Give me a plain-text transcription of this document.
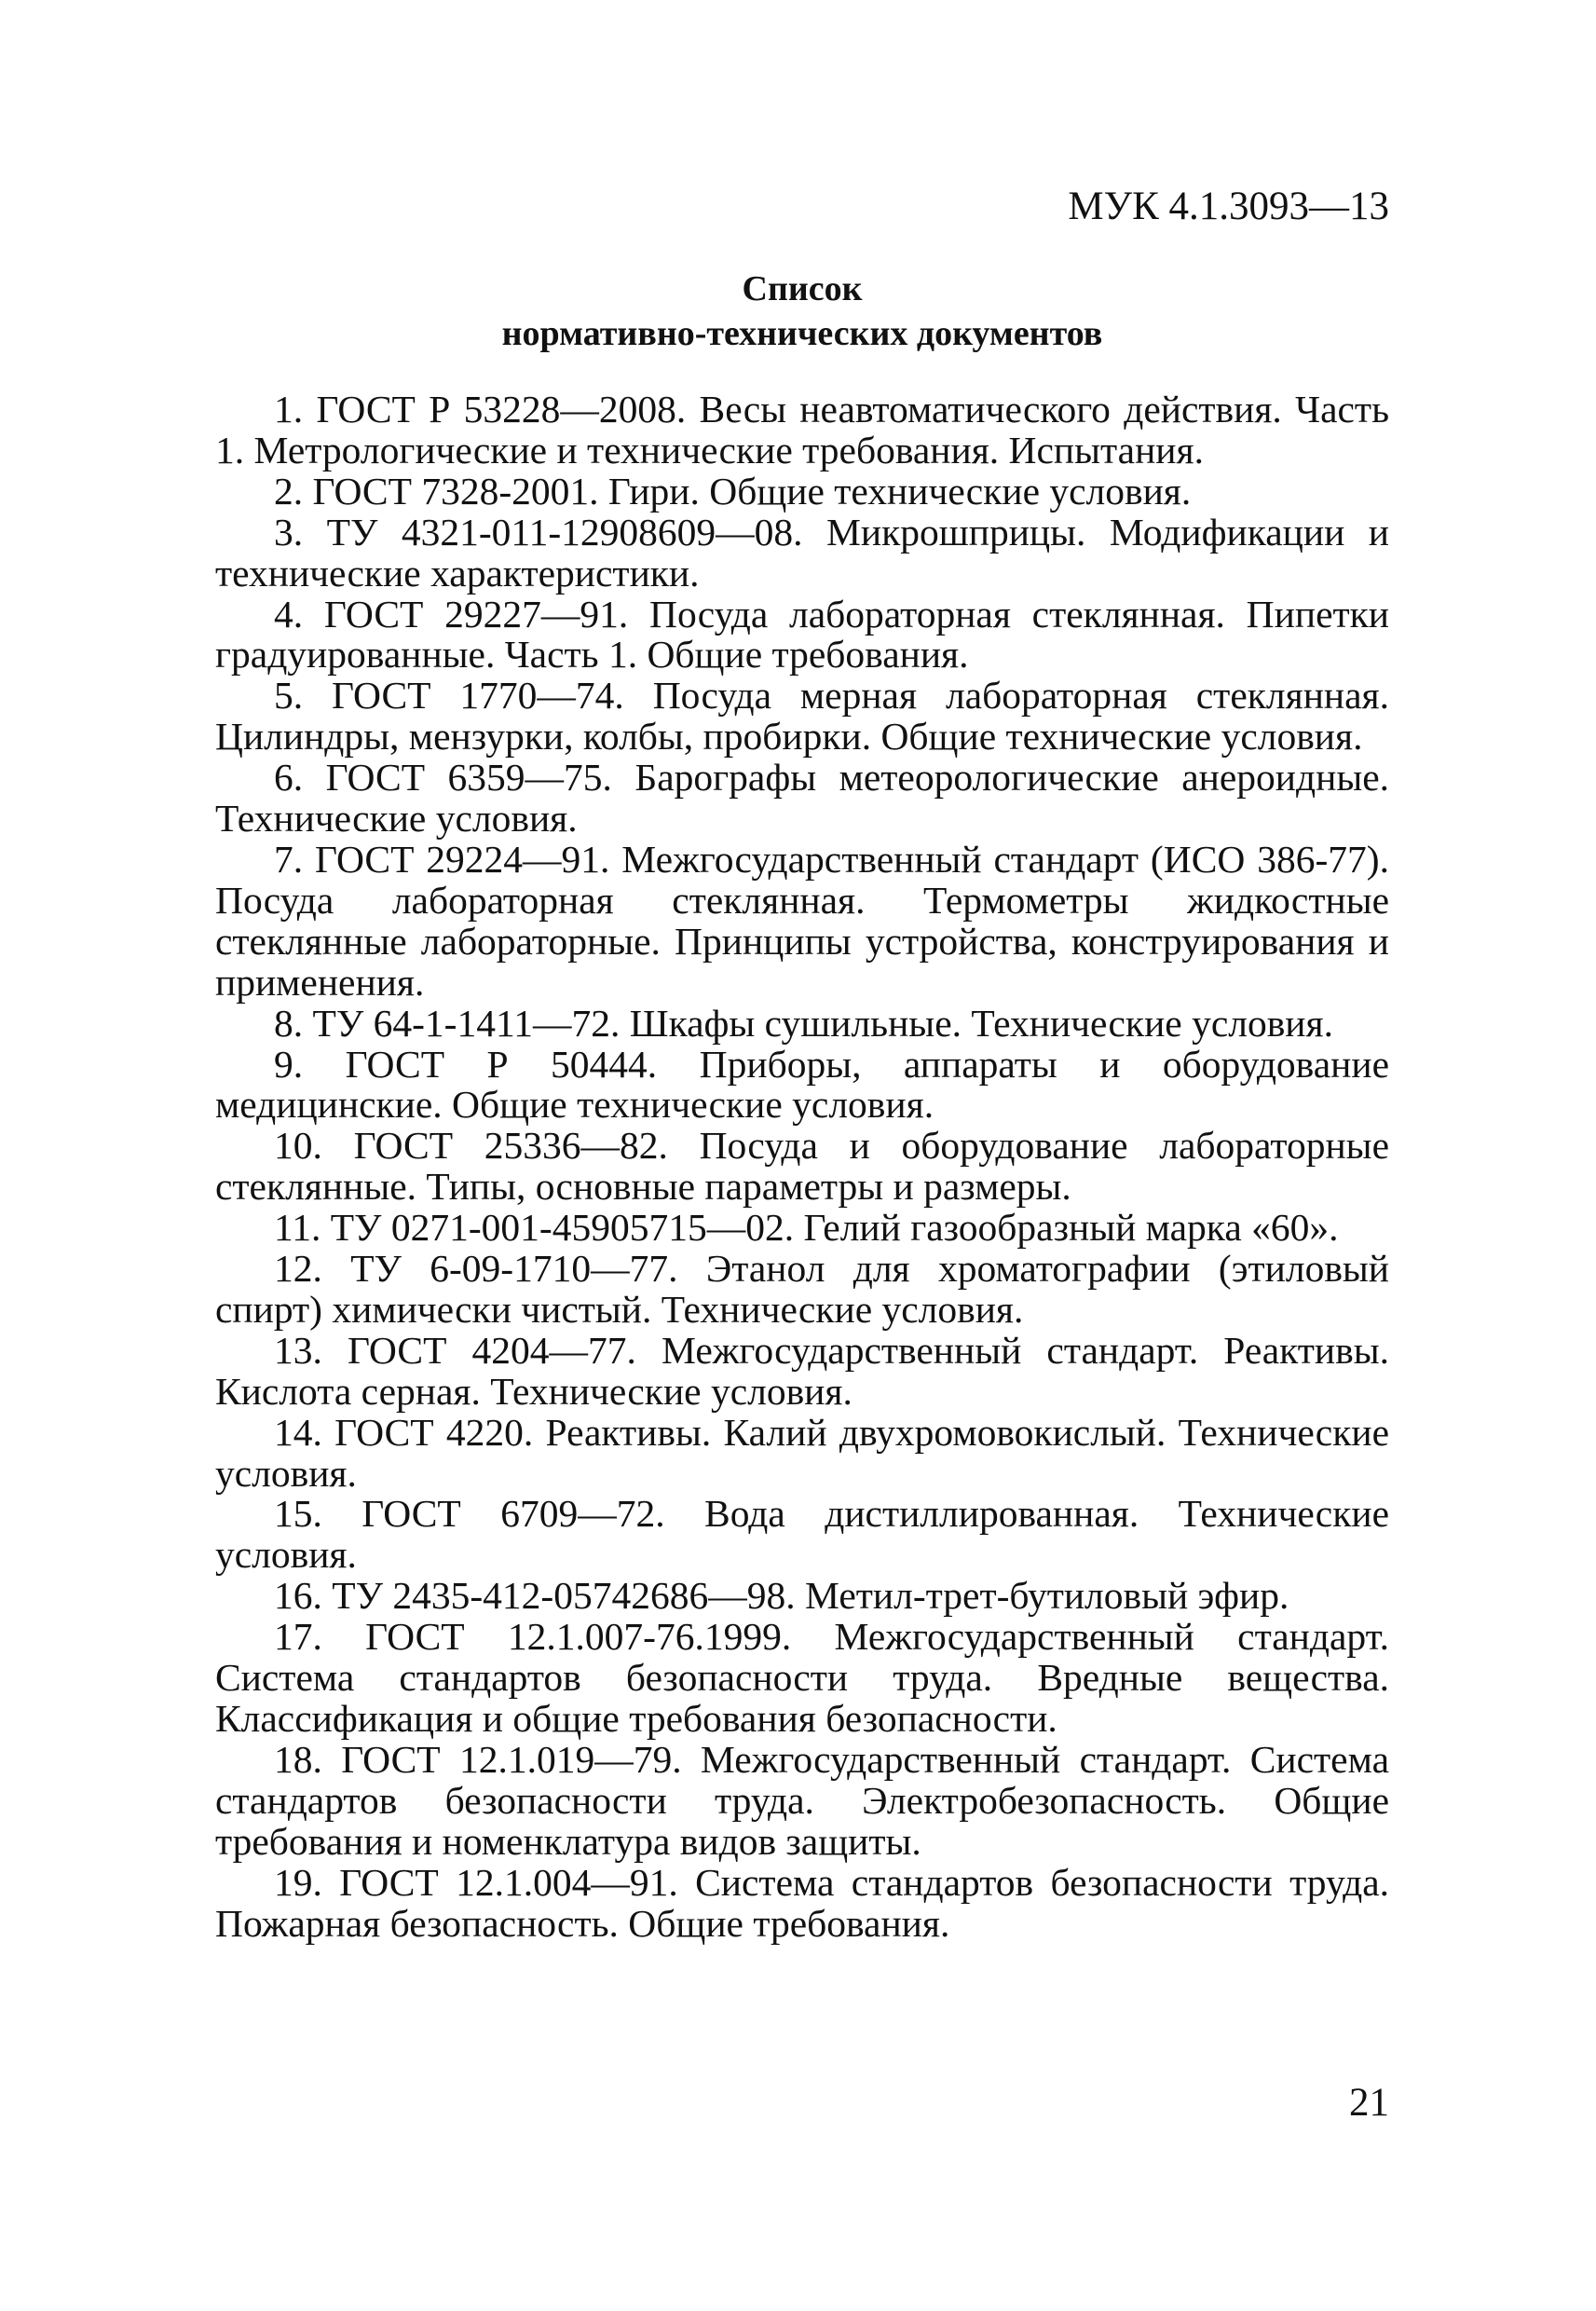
МУК 4.1.3093—13
Список
нормативно-технических документов

1. ГОСТ Р 53228—2008. Весы неавтоматического действия. Часть 1. Метрологические и технические требования. Испытания.

2. ГОСТ 7328-2001. Гири. Общие технические условия.

3. ТУ 4321-011-12908609—08. Микрошприцы. Модификации и технические характеристики.

4. ГОСТ 29227—91. Посуда лабораторная стеклянная. Пипетки градуированные. Часть 1. Общие требования.

5. ГОСТ 1770—74. Посуда мерная лабораторная стеклянная. Цилиндры, мензурки, колбы, пробирки. Общие технические условия.

6. ГОСТ 6359—75. Барографы метеорологические анероидные. Технические условия.

7. ГОСТ 29224—91. Межгосударственный стандарт (ИСО 386-77). Посуда лабораторная стеклянная. Термометры жидкостные стеклянные лабораторные. Принципы устройства, конструирования и применения.

8. ТУ 64-1-1411—72. Шкафы сушильные. Технические условия.

9. ГОСТ Р 50444. Приборы, аппараты и оборудование медицинские. Общие технические условия.

10. ГОСТ 25336—82. Посуда и оборудование лабораторные стеклянные. Типы, основные параметры и размеры.

11. ТУ 0271-001-45905715—02. Гелий газообразный марка «60».

12. ТУ 6-09-1710—77. Этанол для хроматографии (этиловый спирт) химически чистый. Технические условия.

13. ГОСТ 4204—77. Межгосударственный стандарт. Реактивы. Кислота серная. Технические условия.

14. ГОСТ 4220. Реактивы. Калий двухромовокислый. Технические условия.

15. ГОСТ 6709—72. Вода дистиллированная. Технические условия.

16. ТУ 2435-412-05742686—98. Метил-трет-бутиловый эфир.

17. ГОСТ 12.1.007-76.1999. Межгосударственный стандарт. Система стандартов безопасности труда. Вредные вещества. Классификация и общие требования безопасности.

18. ГОСТ 12.1.019—79. Межгосударственный стандарт. Система стандартов безопасности труда. Электробезопасность. Общие требования и номенклатура видов защиты.

19. ГОСТ 12.1.004—91. Система стандартов безопасности труда. Пожарная безопасность. Общие требования.

21
